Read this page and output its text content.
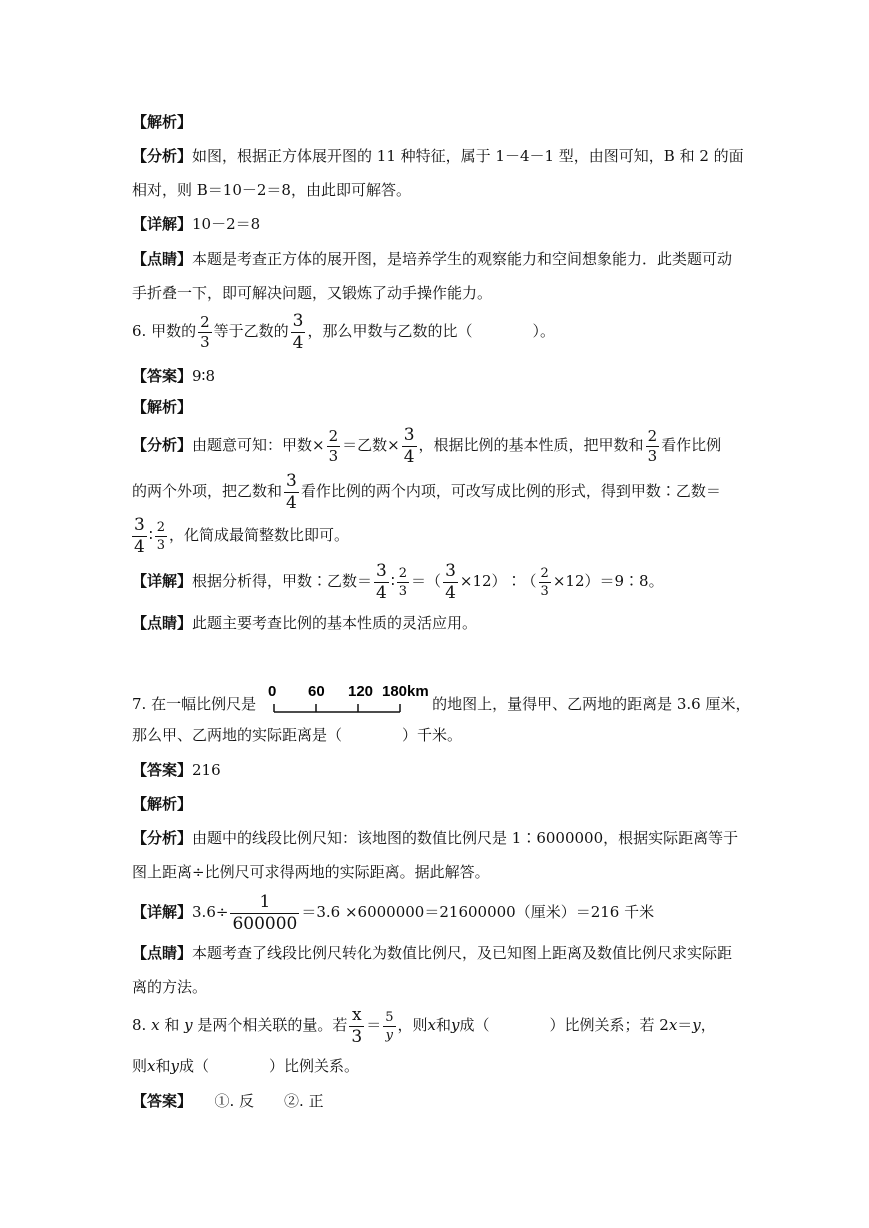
【解析】
【分析】如图，根据正方体展开图的 11 种特征，属于 1－4－1 型，由图可知，B 和 2 的面
相对，则 B＝10－2＝8，由此即可解答。
【详解】10－2＝8
【点睛】本题是考查正方体的展开图，是培养学生的观察能力和空间想象能力．此类题可动
手折叠一下，即可解决问题，又锻炼了动手操作能力。
6. 甲数的 $\frac{2}{3}$ 等于乙数的 $\frac{3}{4}$ ，那么甲数与乙数的比（　　　　）。
【答案】9∶8
【解析】
【分析】由题意可知：甲数× $\frac{2}{3}$ ＝乙数× $\frac{3}{4}$ ，根据比例的基本性质，把甲数和 $\frac{2}{3}$ 看作比例
的两个外项，把乙数和 $\frac{3}{4}$ 看作比例的两个内项，可改写成比例的形式，得到甲数∶乙数＝
$\frac{3}{4}$ ∶ $\frac{2}{3}$ ，化简成最简整数比即可。
【详解】根据分析得，甲数∶乙数＝ $\frac{3}{4}$ ∶ $\frac{2}{3}$ ＝（ $\frac{3}{4}$ ×12）∶（ $\frac{2}{3}$ ×12）＝9∶8。
【点睛】此题主要考查比例的基本性质的灵活应用。
7. 在一幅比例尺是
0 60 120 180km
的地图上，量得甲、乙两地的距离是 3.6 厘米，
那么甲、乙两地的实际距离是（　　　　）千米。
【答案】216
【解析】
【分析】由题中的线段比例尺知：该地图的数值比例尺是 1∶6000000，根据实际距离等于
图上距离÷比例尺可求得两地的实际距离。据此解答。
【详解】$3.6\div \frac{1}{600000} =3.6 \times 6000000=21600000$（厘米）＝216 千米
【点睛】本题考查了线段比例尺转化为数值比例尺，及已知图上距离及数值比例尺求实际距
离的方法。
8. x 和 y 是两个相关联的量。若 $\frac{x}{3} = \frac{5}{y}$ ，则x和y成（　　　　）比例关系；若 2x＝y，
则x和y成（　　　　）比例关系。
【答案】　　①. 反　　②. 正
